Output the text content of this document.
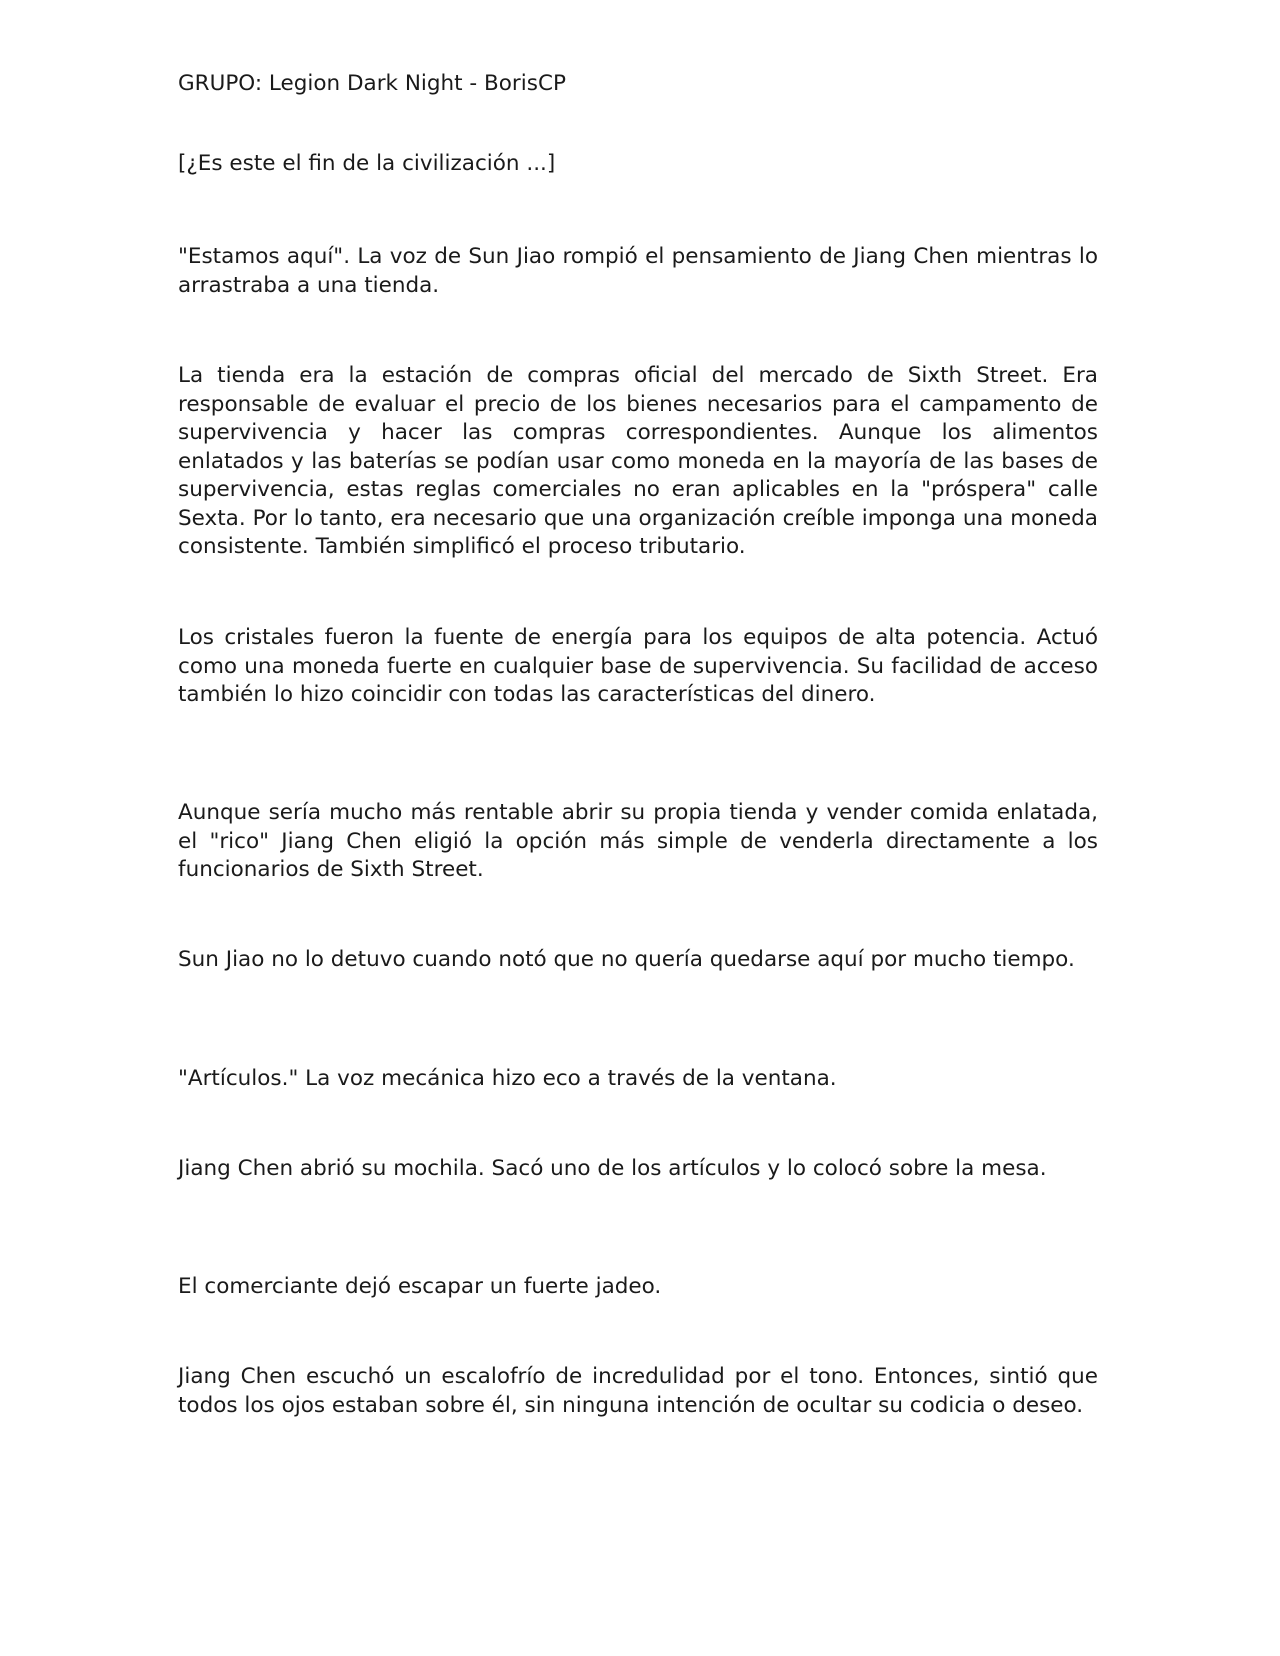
GRUPO: Legion Dark Night - BorisCP

[¿Es este el fin de la civilización ...]

"Estamos aquí". La voz de Sun Jiao rompió el pensamiento de Jiang Chen mientras lo arrastraba a una tienda.

La tienda era la estación de compras oficial del mercado de Sixth Street. Era responsable de evaluar el precio de los bienes necesarios para el campamento de supervivencia y hacer las compras correspondientes. Aunque los alimentos enlatados y las baterías se podían usar como moneda en la mayoría de las bases de supervivencia, estas reglas comerciales no eran aplicables en la "próspera" calle Sexta. Por lo tanto, era necesario que una organización creíble imponga una moneda consistente. También simplificó el proceso tributario.

Los cristales fueron la fuente de energía para los equipos de alta potencia. Actuó como una moneda fuerte en cualquier base de supervivencia. Su facilidad de acceso también lo hizo coincidir con todas las características del dinero.

Aunque sería mucho más rentable abrir su propia tienda y vender comida enlatada, el "rico" Jiang Chen eligió la opción más simple de venderla directamente a los funcionarios de Sixth Street.

Sun Jiao no lo detuvo cuando notó que no quería quedarse aquí por mucho tiempo.

"Artículos." La voz mecánica hizo eco a través de la ventana.

Jiang Chen abrió su mochila. Sacó uno de los artículos y lo colocó sobre la mesa.

El comerciante dejó escapar un fuerte jadeo.

Jiang Chen escuchó un escalofrío de incredulidad por el tono. Entonces, sintió que todos los ojos estaban sobre él, sin ninguna intención de ocultar su codicia o deseo.
